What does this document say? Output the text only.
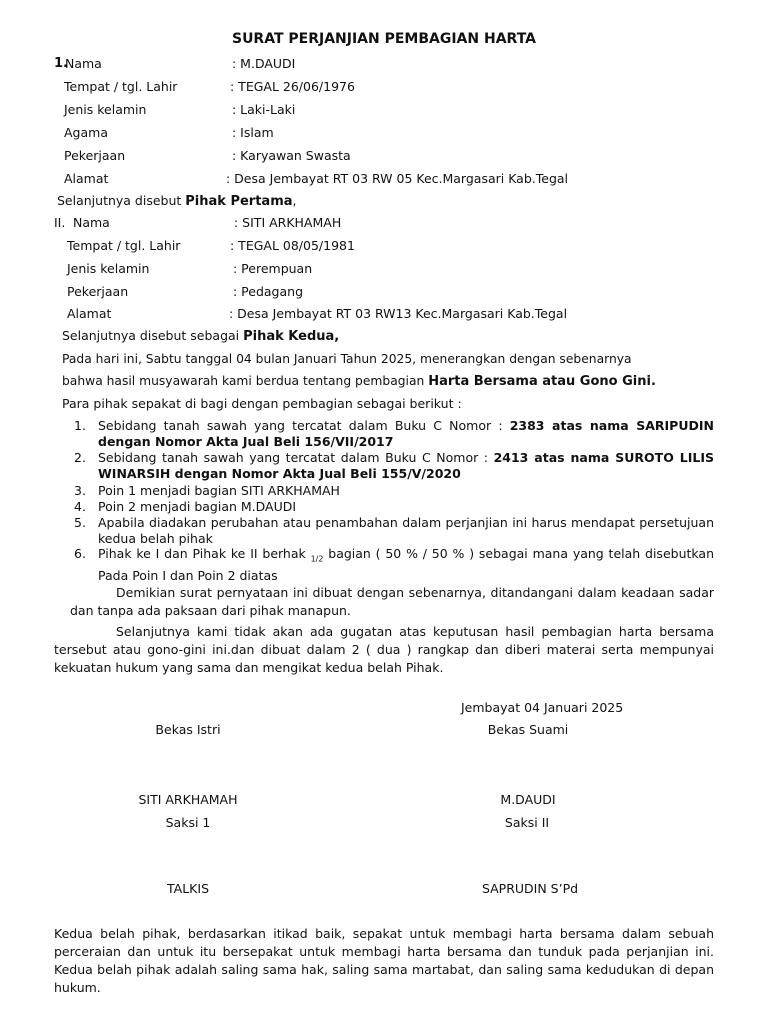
SURAT PERJANJIAN PEMBAGIAN HARTA
1.
Nama	: M.DAUDI
Tempat / tgl. Lahir	: TEGAL 26/06/1976
Jenis kelamin	: Laki-Laki
Agama	: Islam
Pekerjaan	: Karyawan Swasta
Alamat	: Desa Jembayat RT 03 RW 05 Kec.Margasari Kab.Tegal
Selanjutnya disebut Pihak Pertama,
II. Nama	: SITI ARKHAMAH
Tempat / tgl. Lahir	: TEGAL 08/05/1981
Jenis kelamin	: Perempuan
Pekerjaan	: Pedagang
Alamat	: Desa Jembayat RT 03 RW13 Kec.Margasari Kab.Tegal
Selanjutnya disebut sebagai Pihak Kedua,
Pada hari ini, Sabtu tanggal 04 bulan Januari Tahun 2025, menerangkan dengan sebenarnya
bahwa hasil musyawarah kami berdua tentang pembagian Harta Bersama atau Gono Gini.
Para pihak sepakat di bagi dengan pembagian sebagai berikut :
1. Sebidang tanah sawah yang tercatat dalam Buku C Nomor : 2383 atas nama SARIPUDIN dengan Nomor Akta Jual Beli 156/VII/2017
2. Sebidang tanah sawah yang tercatat dalam Buku C Nomor : 2413 atas nama SUROTO LILIS WINARSIH dengan Nomor Akta Jual Beli 155/V/2020
3. Poin 1 menjadi bagian SITI ARKHAMAH
4. Poin 2 menjadi bagian M.DAUDI
5. Apabila diadakan perubahan atau penambahan dalam perjanjian ini harus mendapat persetujuan kedua belah pihak
6. Pihak ke I dan Pihak ke II berhak $_{1/2}$ bagian ( 50 % / 50 % ) sebagai mana yang telah disebutkan Pada Poin I dan Poin 2 diatas
Demikian surat pernyataan ini dibuat dengan sebenarnya, ditandangani dalam keadaan sadar dan tanpa ada paksaan dari pihak manapun.
Selanjutnya kami tidak akan ada gugatan atas keputusan hasil pembagian harta bersama tersebut atau gono-gini ini.dan dibuat dalam 2 ( dua ) rangkap dan diberi materai serta mempunyai kekuatan hukum yang sama dan mengikat kedua belah Pihak.
Jembayat 04 Januari 2025
Bekas Istri	Bekas Suami
SITI ARKHAMAH	M.DAUDI
Saksi 1	Saksi II
TALKIS	SAPRUDIN S’Pd
Kedua belah pihak, berdasarkan itikad baik, sepakat untuk membagi harta bersama dalam sebuah perceraian dan untuk itu bersepakat untuk membagi harta bersama dan tunduk pada perjanjian ini. Kedua belah pihak adalah saling sama hak, saling sama martabat, dan saling sama kedudukan di depan hukum.
